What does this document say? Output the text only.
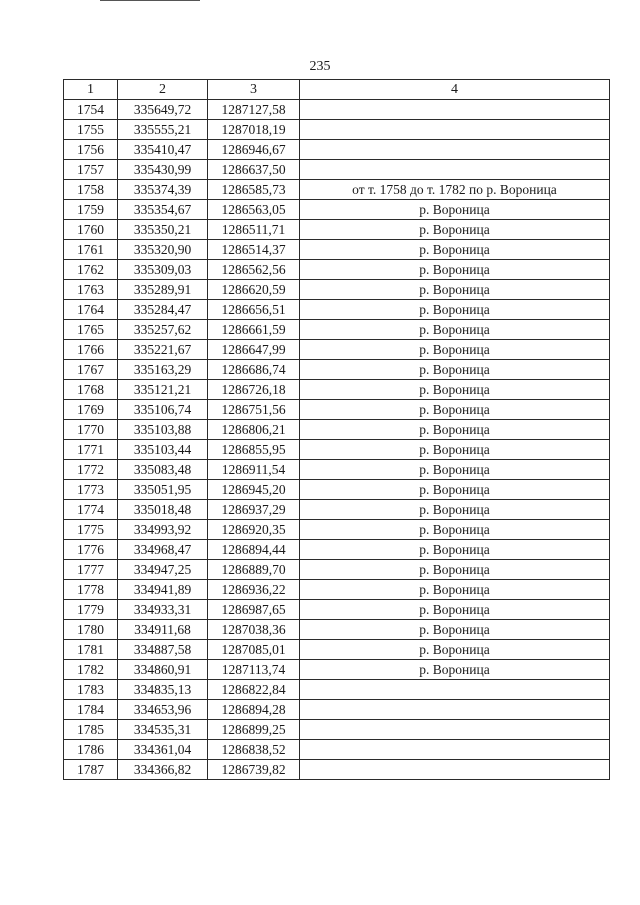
235
1	2	3	4
1754	335649,72	1287127,58	
1755	335555,21	1287018,19	
1756	335410,47	1286946,67	
1757	335430,99	1286637,50	
1758	335374,39	1286585,73	от т. 1758 до т. 1782 по р. Вороница
1759	335354,67	1286563,05	р. Вороница
1760	335350,21	1286511,71	р. Вороница
1761	335320,90	1286514,37	р. Вороница
1762	335309,03	1286562,56	р. Вороница
1763	335289,91	1286620,59	р. Вороница
1764	335284,47	1286656,51	р. Вороница
1765	335257,62	1286661,59	р. Вороница
1766	335221,67	1286647,99	р. Вороница
1767	335163,29	1286686,74	р. Вороница
1768	335121,21	1286726,18	р. Вороница
1769	335106,74	1286751,56	р. Вороница
1770	335103,88	1286806,21	р. Вороница
1771	335103,44	1286855,95	р. Вороница
1772	335083,48	1286911,54	р. Вороница
1773	335051,95	1286945,20	р. Вороница
1774	335018,48	1286937,29	р. Вороница
1775	334993,92	1286920,35	р. Вороница
1776	334968,47	1286894,44	р. Вороница
1777	334947,25	1286889,70	р. Вороница
1778	334941,89	1286936,22	р. Вороница
1779	334933,31	1286987,65	р. Вороница
1780	334911,68	1287038,36	р. Вороница
1781	334887,58	1287085,01	р. Вороница
1782	334860,91	1287113,74	р. Вороница
1783	334835,13	1286822,84	
1784	334653,96	1286894,28	
1785	334535,31	1286899,25	
1786	334361,04	1286838,52	
1787	334366,82	1286739,82	
